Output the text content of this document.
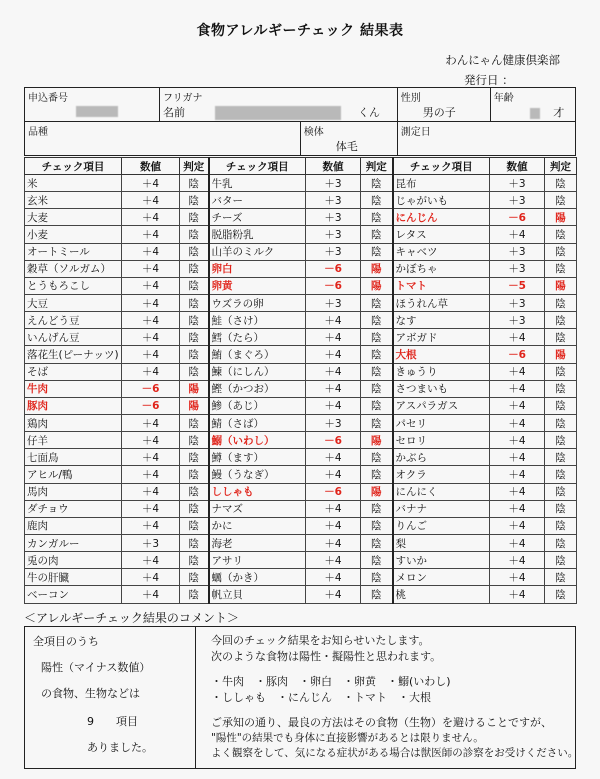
食物アレルギーチェック 結果表
わんにゃん健康倶楽部
発行日 ：
申込番号	フリガナ
名前 くん		性別
男の子	年齢
才

品種		検体
体毛	測定日	
チェック項目	数値	判定	チェック項目	数値	判定	チェック項目	数値	判定
米	＋4	陰	牛乳	＋3	陰	昆布	＋3	陰
玄米	＋4	陰	バター	＋3	陰	じゃがいも	＋3	陰
大麦	＋4	陰	チーズ	＋3	陰	にんじん	－6	陽
小麦	＋4	陰	脱脂粉乳	＋3	陰	レタス	＋4	陰
オートミール	＋4	陰	山羊のミルク	＋3	陰	キャベツ	＋3	陰
穀草（ソルガム）	＋4	陰	卵白	－6	陽	かぼちゃ	＋3	陰
とうもろこし	＋4	陰	卵黄	－6	陽	トマト	－5	陽
大豆	＋4	陰	ウズラの卵	＋3	陰	ほうれん草	＋3	陰
えんどう豆	＋4	陰	鮭（さけ）	＋4	陰	なす	＋3	陰
いんげん豆	＋4	陰	鱈（たら）	＋4	陰	アボガド	＋4	陰
落花生(ピーナッツ)	＋4	陰	鮪（まぐろ）	＋4	陰	大根	－6	陽
そば	＋4	陰	鰊（にしん）	＋4	陰	きゅうり	＋4	陰
牛肉	－6	陽	鰹（かつお）	＋4	陰	さつまいも	＋4	陰
豚肉	－6	陽	鯵（あじ）	＋4	陰	アスパラガス	＋4	陰
鶏肉	＋4	陰	鯖（さば）	＋3	陰	パセリ	＋4	陰
仔羊	＋4	陰	鰯（いわし）	－6	陽	セロリ	＋4	陰
七面鳥	＋4	陰	鱒（ます）	＋4	陰	かぶら	＋4	陰
アヒル/鴨	＋4	陰	鰻（うなぎ）	＋4	陰	オクラ	＋4	陰
馬肉	＋4	陰	ししゃも	－6	陽	にんにく	＋4	陰
ダチョウ	＋4	陰	ナマズ	＋4	陰	バナナ	＋4	陰
鹿肉	＋4	陰	かに	＋4	陰	りんご	＋4	陰
カンガルー	＋3	陰	海老	＋4	陰	梨	＋4	陰
兎の肉	＋4	陰	アサリ	＋4	陰	すいか	＋4	陰
牛の肝臓	＋4	陰	蠣（かき）	＋4	陰	メロン	＋4	陰
ベーコン	＋4	陰	帆立貝	＋4	陰	桃	＋4	陰
＜アレルギーチェック結果のコメント＞
全項目のうち
陽性（マイナス数値）
の食物、生物などは
9　　項目
ありました。

今回のチェック結果をお知らせいたします。

次のような食物は陽性・擬陽性と思われます。

・牛肉　・豚肉　・卵白　・卵黄　・鰯(いわし)

・ししゃも　・にんじん　・トマト　・大根

ご承知の通り、最良の方法はその食物（生物）を避けることですが、

"陽性"の結果でも身体に直接影響があるとは限りません。

よく観察をして、気になる症状がある場合は獣医師の診察をお受けください。
